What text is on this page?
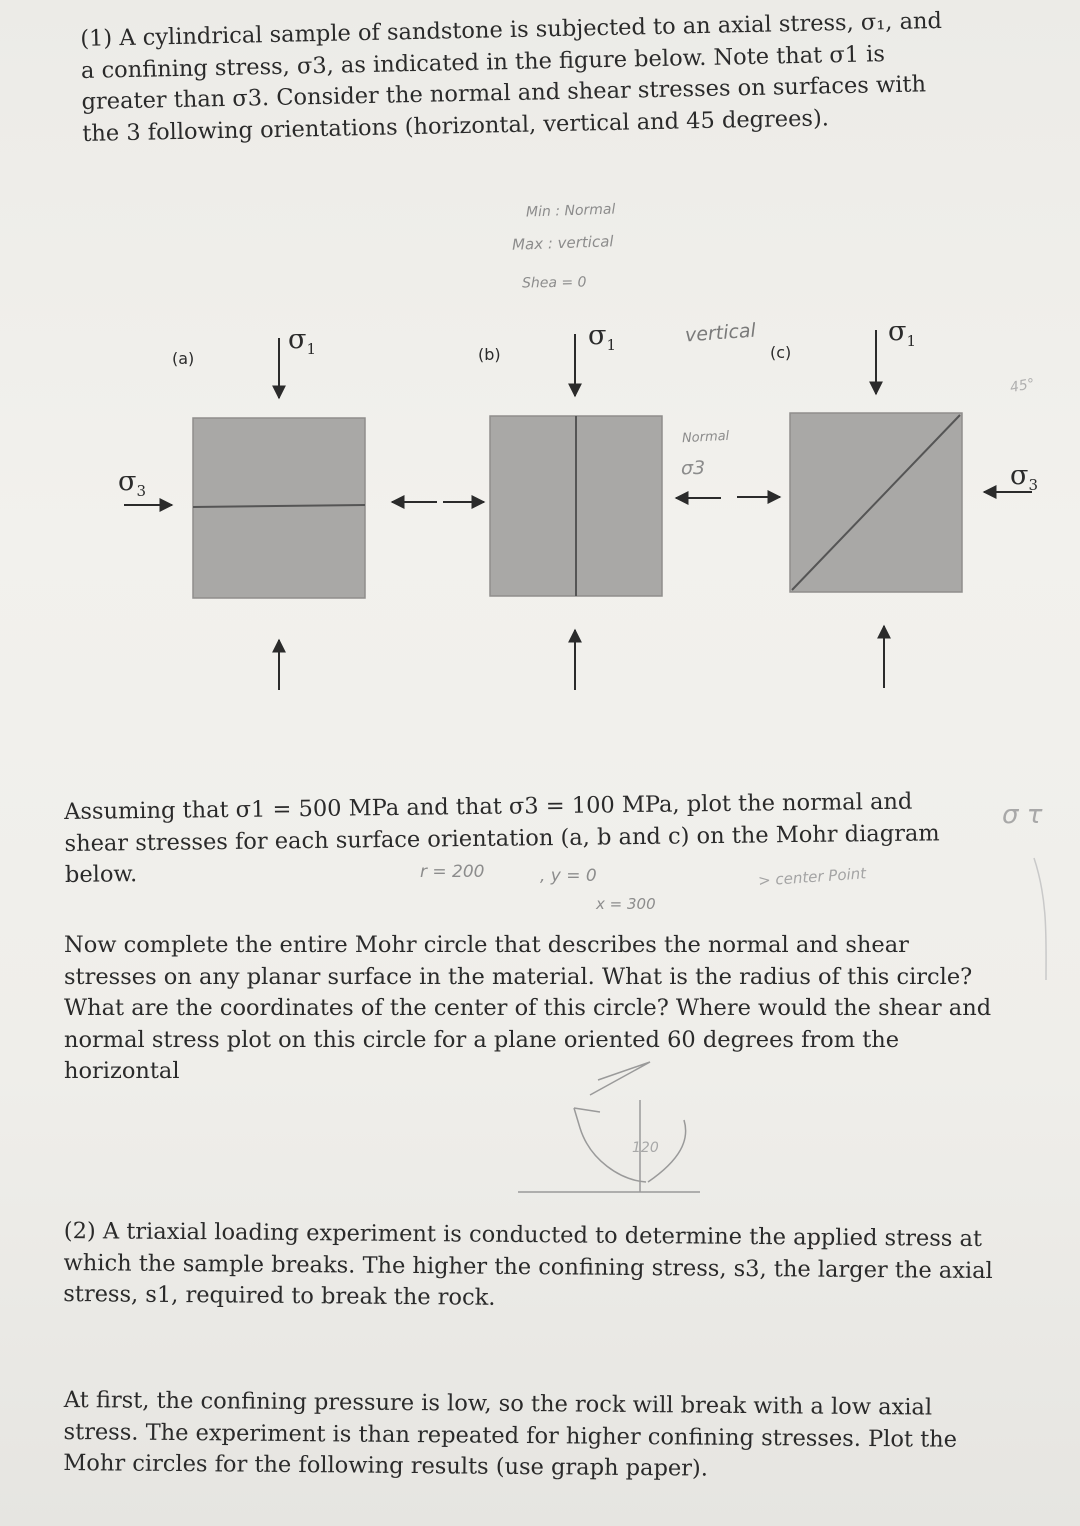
(1) A cylindrical sample of sandstone is subjected to an axial stress, σ₁, and a confining stress, σ3, as indicated in the figure below. Note that σ1 is greater than σ3. Consider the normal and shear stresses on surfaces with the 3 following orientations (horizontal, vertical and 45 degrees).

Min : Normal
Max : vertical
Shea = 0
(a)	(b)	(c)
$\sigma_1$	$\sigma_1$	$\sigma_1$
$\sigma_3$	$\sigma_3$
vertical
Normal
σ3
45°
σ τ

Assuming that σ1 = 500 MPa and that σ3 = 100 MPa, plot the normal and shear stresses for each surface orientation (a, b and c) on the Mohr diagram below.	r = 200	, y = 0	> center Point
x = 300

Now complete the entire Mohr circle that describes the normal and shear stresses on any planar surface in the material. What is the radius of this circle? What are the coordinates of the center of this circle? Where would the shear and normal stress plot on this circle for a plane oriented 60 degrees from the horizontal

120

(2) A triaxial loading experiment is conducted to determine the applied stress at which the sample breaks. The higher the confining stress, s3, the larger the axial stress, s1, required to break the rock.

At first, the confining pressure is low, so the rock will break with a low axial stress. The experiment is than repeated for higher confining stresses. Plot the Mohr circles for the following results (use graph paper).
